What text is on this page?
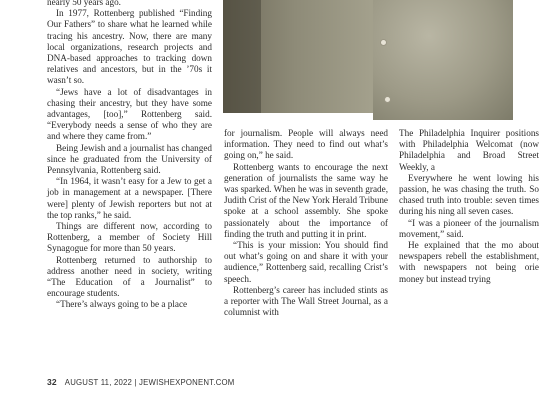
nearly 50 years ago.

In 1977, Rottenberg published “Finding Our Fathers” to share what he learned while tracing his ancestry. Now, there are many local organizations, research projects and DNA-based approaches to tracking down relatives and ancestors, but in the ’70s it wasn’t so.

“Jews have a lot of disadvantages in chasing their ancestry, but they have some advantages, [too],” Rottenberg said. “Everybody needs a sense of who they are and where they came from.”

Being Jewish and a journalist has changed since he graduated from the University of Pennsylvania, Rottenberg said.

“In 1964, it wasn’t easy for a Jew to get a job in management at a newspaper. [There were] plenty of Jewish reporters but not at the top ranks,” he said.

Things are different now, according to Rottenberg, a member of Society Hill Synagogue for more than 50 years.

Rottenberg returned to authorship to address another need in society, writing “The Education of a Journalist” to encourage students.

“There’s always going to be a place

for journalism. People will always need information. They need to find out what’s going on,” he said.

Rottenberg wants to encourage the next generation of journalists the same way he was sparked. When he was in seventh grade, Judith Crist of the New York Herald Tribune spoke at a school assembly. She spoke passionately about the importance of finding the truth and putting it in print.

“This is your mission: You should find out what’s going on and share it with your audience,” Rottenberg said, recalling Crist’s speech.

Rottenberg’s career has included stints as a reporter with The Wall Street Journal, as a columnist with

The Philadelphia Inquirer positions with Philadelphia Welcomat (now Philadelphia and Broad Street Weekly, a

Everywhere he went lowing his passion, he was chasing the truth. So chased truth into trouble: seven times during his ning all seven cases.

“I was a pioneer of the journalism movement,” said.

He explained that the mo about newspapers rebell the establishment, with newspapers not being orie money but instead trying

32 AUGUST 11, 2022 | JEWISHEXPONENT.COM
